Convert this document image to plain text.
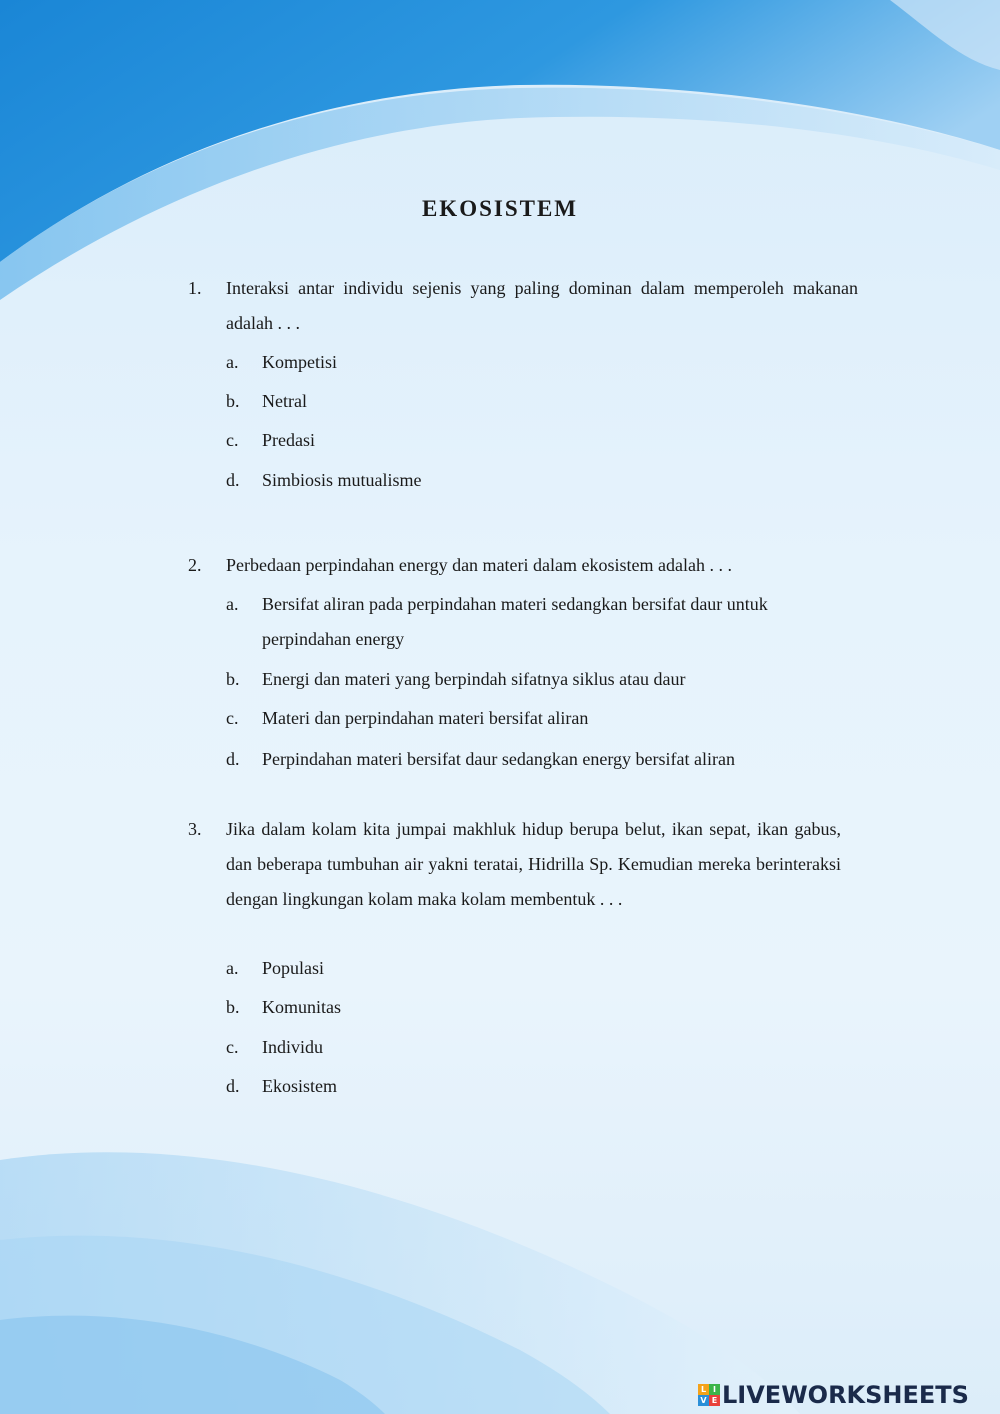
EKOSISTEM
1. Interaksi antar individu sejenis yang paling dominan dalam memperoleh makanan adalah . . .
a. Kompetisi
b. Netral
c. Predasi
d. Simbiosis mutualisme
2. Perbedaan perpindahan energy dan materi dalam ekosistem adalah . . .
a. Bersifat aliran pada perpindahan materi sedangkan bersifat daur untuk perpindahan energy
b. Energi dan materi yang berpindah sifatnya siklus atau daur
c. Materi dan perpindahan materi bersifat aliran
d. Perpindahan materi bersifat daur sedangkan energy bersifat aliran
3. Jika dalam kolam kita jumpai makhluk hidup berupa belut, ikan sepat, ikan gabus, dan beberapa tumbuhan air yakni teratai, Hidrilla Sp. Kemudian mereka berinteraksi dengan lingkungan kolam maka kolam membentuk . . .
a. Populasi
b. Komunitas
c. Individu
d. Ekosistem
L I
V E LIVEWORKSHEETS
